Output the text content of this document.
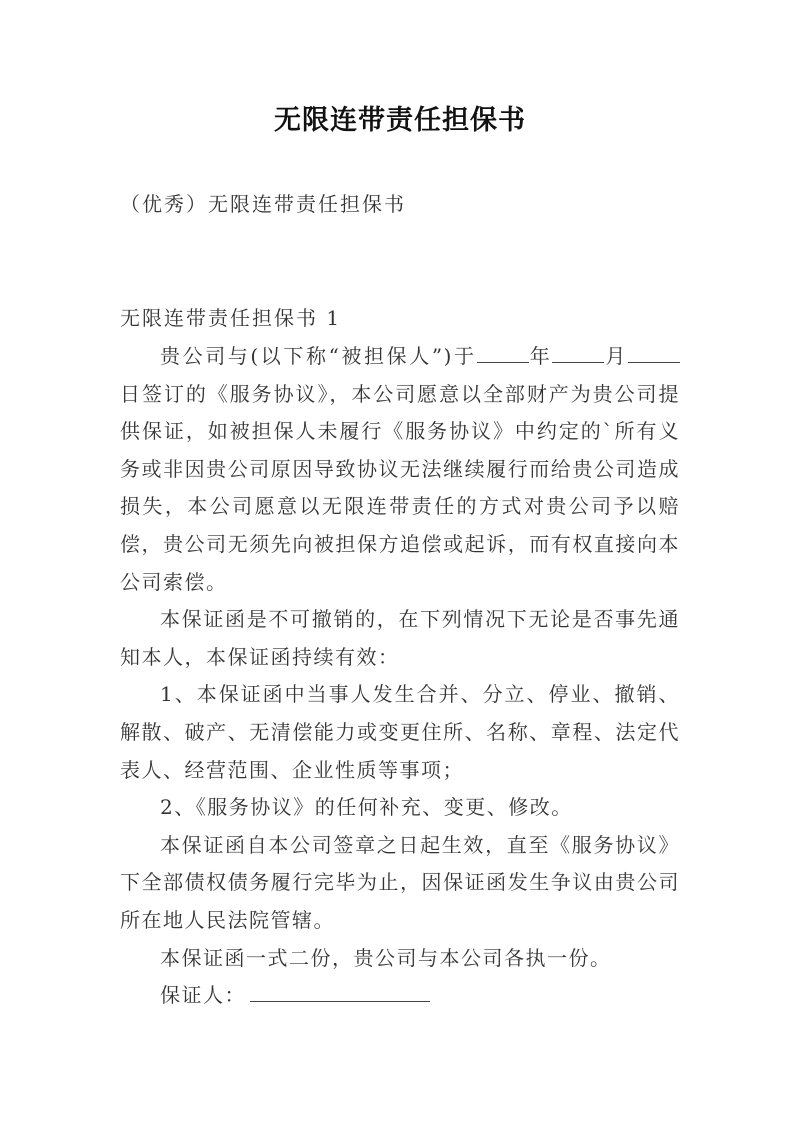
无限连带责任担保书
（优秀）无限连带责任担保书
无限连带责任担保书 1

贵公司与(以下称“被担保人”)于	年	月日签订的《服务协议》，本公司愿意以全部财产为贵公司提供保证，如被担保人未履行《服务协议》中约定的`所有义务或非因贵公司原因导致协议无法继续履行而给贵公司造成损失，本公司愿意以无限连带责任的方式对贵公司予以赔偿，贵公司无须先向被担保方追偿或起诉，而有权直接向本公司索偿。

本保证函是不可撤销的，在下列情况下无论是否事先通知本人，本保证函持续有效：

1、本保证函中当事人发生合并、分立、停业、撤销、解散、破产、无清偿能力或变更住所、名称、章程、法定代表人、经营范围、企业性质等事项；

2、《服务协议》的任何补充、变更、修改。

本保证函自本公司签章之日起生效，直至《服务协议》下全部债权债务履行完毕为止，因保证函发生争议由贵公司所在地人民法院管辖。

本保证函一式二份，贵公司与本公司各执一份。

保证人：
